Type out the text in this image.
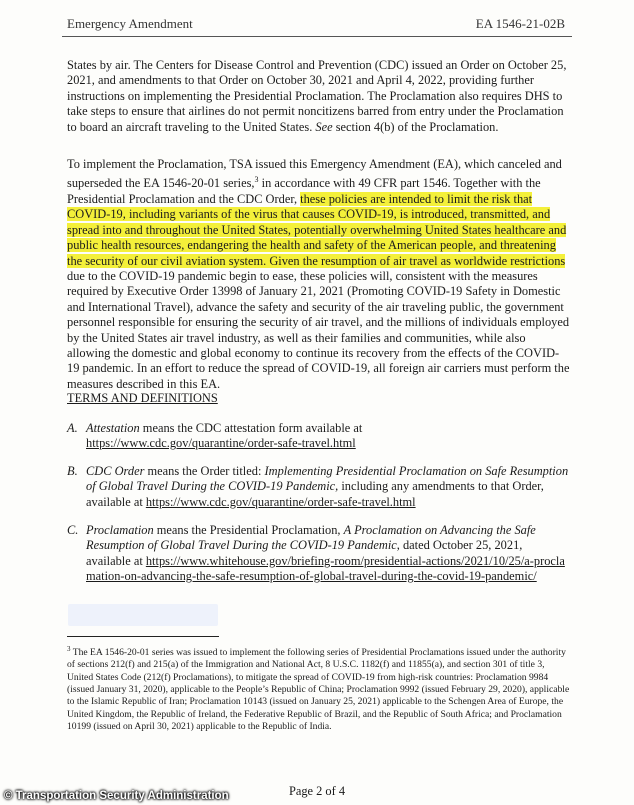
Emergency Amendment	EA 1546-21-02B
States by air. The Centers for Disease Control and Prevention (CDC) issued an Order on October 25, 2021, and amendments to that Order on October 30, 2021 and April 4, 2022, providing further instructions on implementing the Presidential Proclamation. The Proclamation also requires DHS to take steps to ensure that airlines do not permit noncitizens barred from entry under the Proclamation to board an aircraft traveling to the United States. See section 4(b) of the Proclamation.
To implement the Proclamation, TSA issued this Emergency Amendment (EA), which canceled and superseded the EA 1546-20-01 series,$^3$ in accordance with 49 CFR part 1546. Together with the Presidential Proclamation and the CDC Order, these policies are intended to limit the risk that COVID-19, including variants of the virus that causes COVID-19, is introduced, transmitted, and spread into and throughout the United States, potentially overwhelming United States healthcare and public health resources, endangering the health and safety of the American people, and threatening the security of our civil aviation system. Given the resumption of air travel as worldwide restrictions due to the COVID-19 pandemic begin to ease, these policies will, consistent with the measures required by Executive Order 13998 of January 21, 2021 (Promoting COVID-19 Safety in Domestic and International Travel), advance the safety and security of the air traveling public, the government personnel responsible for ensuring the security of air travel, and the millions of individuals employed by the United States air travel industry, as well as their families and communities, while also allowing the domestic and global economy to continue its recovery from the effects of the COVID-19 pandemic. In an effort to reduce the spread of COVID-19, all foreign air carriers must perform the measures described in this EA.
TERMS AND DEFINITIONS
A. Attestation means the CDC attestation form available at
https://www.cdc.gov/quarantine/order-safe-travel.html
B. CDC Order means the Order titled: Implementing Presidential Proclamation on Safe Resumption of Global Travel During the COVID-19 Pandemic, including any amendments to that Order, available at https://www.cdc.gov/quarantine/order-safe-travel.html
C. Proclamation means the Presidential Proclamation, A Proclamation on Advancing the Safe Resumption of Global Travel During the COVID-19 Pandemic, dated October 25, 2021, available at https://www.whitehouse.gov/briefing-room/presidential-actions/2021/10/25/a-proclamation-on-advancing-the-safe-resumption-of-global-travel-during-the-covid-19-pandemic/
$^3$ The EA 1546-20-01 series was issued to implement the following series of Presidential Proclamations issued under the authority of sections 212(f) and 215(a) of the Immigration and National Act, 8 U.S.C. 1182(f) and 11855(a), and section 301 of title 3, United States Code (212(f) Proclamations), to mitigate the spread of COVID-19 from high-risk countries: Proclamation 9984 (issued January 31, 2020), applicable to the People’s Republic of China; Proclamation 9992 (issued February 29, 2020), applicable to the Islamic Republic of Iran; Proclamation 10143 (issued on January 25, 2021) applicable to the Schengen Area of Europe, the United Kingdom, the Republic of Ireland, the Federative Republic of Brazil, and the Republic of South Africa; and Proclamation 10199 (issued on April 30, 2021) applicable to the Republic of India.
Page 2 of 4
© Transportation Security Administration
